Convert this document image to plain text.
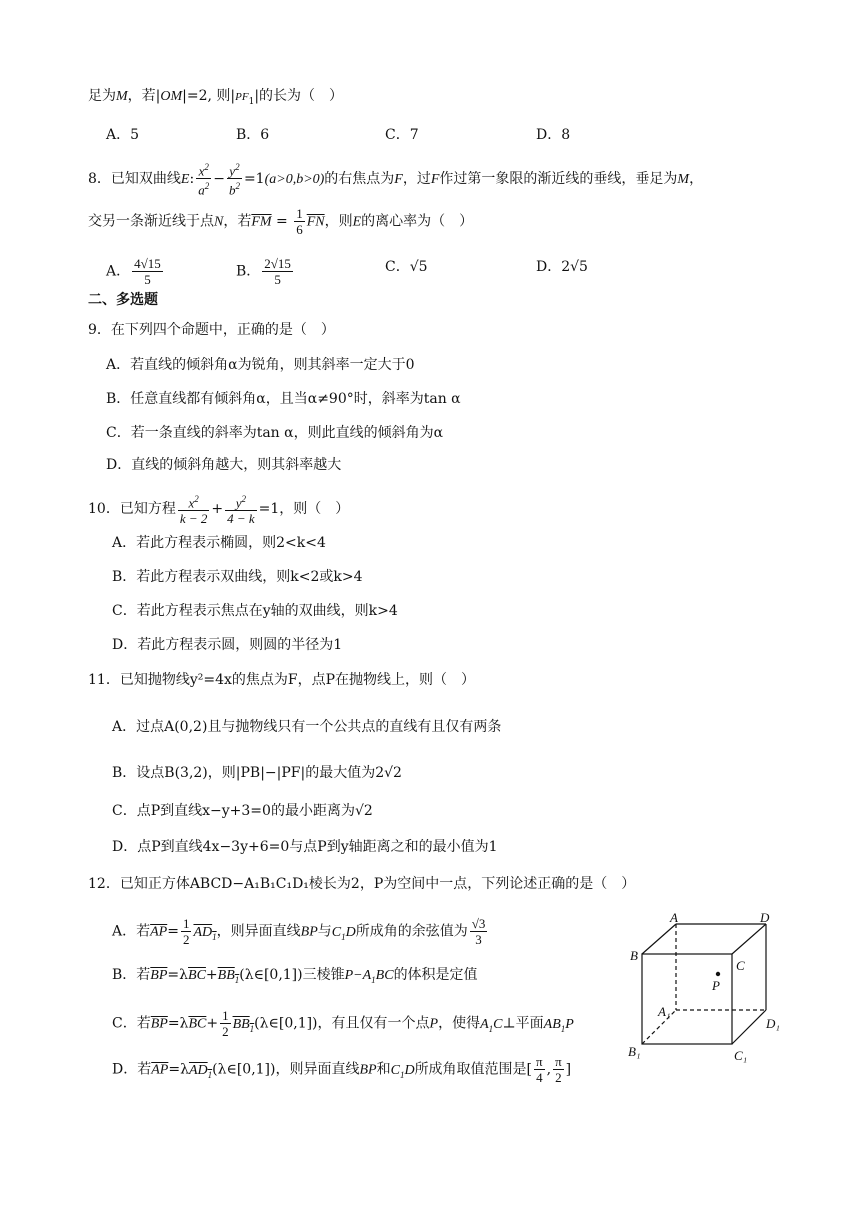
足为M，若|OM|=2, 则$|PF_1|$的长为（　）
A．5	B．6	C．7	D．8
8．已知双曲线E: $\frac{x^2}{a^2} - \frac{y^2}{b^2} =1(a>0,b>0)$的右焦点为F，过F作过第一象限的渐近线的垂线，垂足为M，
交另一条渐近线于点N，若$\overline{FM} = \frac{1}{6} \overline{FN}$，则E的离心率为（　）
A． $\frac{4√15}{5}$	B． $\frac{2√15}{5}$	C．√5	D．2√5
二、多选题
9．在下列四个命题中，正确的是（　）
A．若直线的倾斜角α为锐角，则其斜率一定大于0
B．任意直线都有倾斜角α，且当α≠90°时，斜率为tan α
C．若一条直线的斜率为tan α，则此直线的倾斜角为α
D．直线的倾斜角越大，则其斜率越大
10．已知方程 $\frac{x^2}{k - 2} + \frac{y^2}{4 - k} =1$，则（　）
A．若此方程表示椭圆，则2<k<4
B．若此方程表示双曲线，则k<2或k>4
C．若此方程表示焦点在y轴的双曲线，则k>4
D．若此方程表示圆，则圆的半径为1
11．已知抛物线y²=4x的焦点为F，点P在抛物线上，则（　）
A．过点A(0,2)且与抛物线只有一个公共点的直线有且仅有两条
B．设点B(3,2)，则|PB|−|PF|的最大值为2√2
C．点P到直线x−y+3=0的最小距离为√2
D．点P到直线4x−3y+6=0与点P到y轴距离之和的最小值为1
12．已知正方体ABCD−A₁B₁C₁D₁棱长为2，P为空间中一点，下列论述正确的是（　）
A．若$\overline{AP}= \frac{1}{2} AD_1$，则异面直线BP与$C_1D$所成角的余弦值为 $\frac{√3}{3}$
B．若$\overline{BP}=\lambda\overline{BC}+BB_1(\lambda\in[0,1])$三棱锥$P-A_1BC$的体积是定值
C．若$\overline{BP}=\lambda\overline{BC}+ \frac{1}{2}$ $BB_1(\lambda\in[0,1])$，有且仅有一个点P，使得$A_1C\perp$平面$AB_1P$
D．若$\overline{AP}=\lambda AD_1(\lambda\in[0,1])$，则异面直线BP和$C_1D$所成角取值范围是[ $\frac{\pi}{4}$ , $\frac{\pi}{2}$ ]
A	D
B
C
P
A₁
D₁
B₁	C₁
